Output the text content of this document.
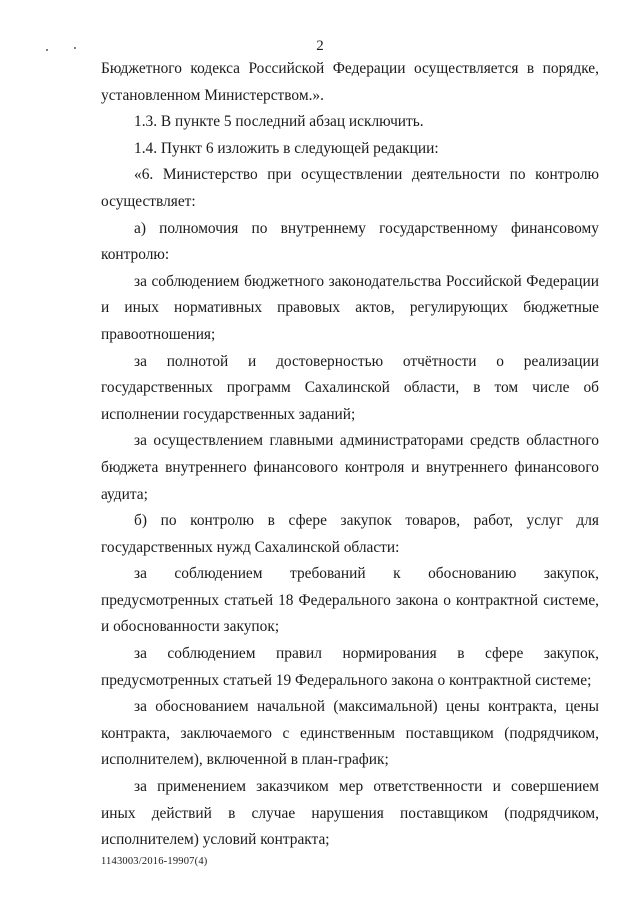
2

Бюджетного кодекса Российской Федерации осуществляется в порядке, установленном Министерством.».

1.3. В пункте 5 последний абзац исключить.

1.4. Пункт 6 изложить в следующей редакции:

«6. Министерство при осуществлении деятельности по контролю осуществляет:

а) полномочия по внутреннему государственному финансовому контролю:

за соблюдением бюджетного законодательства Российской Федерации и иных нормативных правовых актов, регулирующих бюджетные правоотношения;

за полнотой и достоверностью отчётности о реализации государственных программ Сахалинской области, в том числе об исполнении государственных заданий;

за осуществлением главными администраторами средств областного бюджета внутреннего финансового контроля и внутреннего финансового аудита;

б) по контролю в сфере закупок товаров, работ, услуг для государственных нужд Сахалинской области:

за соблюдением требований к обоснованию закупок, предусмотренных статьей 18 Федерального закона о контрактной системе, и обоснованности закупок;

за соблюдением правил нормирования в сфере закупок, предусмотренных статьей 19 Федерального закона о контрактной системе;

за обоснованием начальной (максимальной) цены контракта, цены контракта, заключаемого с единственным поставщиком (подрядчиком, исполнителем), включенной в план-график;

за применением заказчиком мер ответственности и совершением иных действий в случае нарушения поставщиком (подрядчиком, исполнителем) условий контракта;

1143003/2016-19907(4)
